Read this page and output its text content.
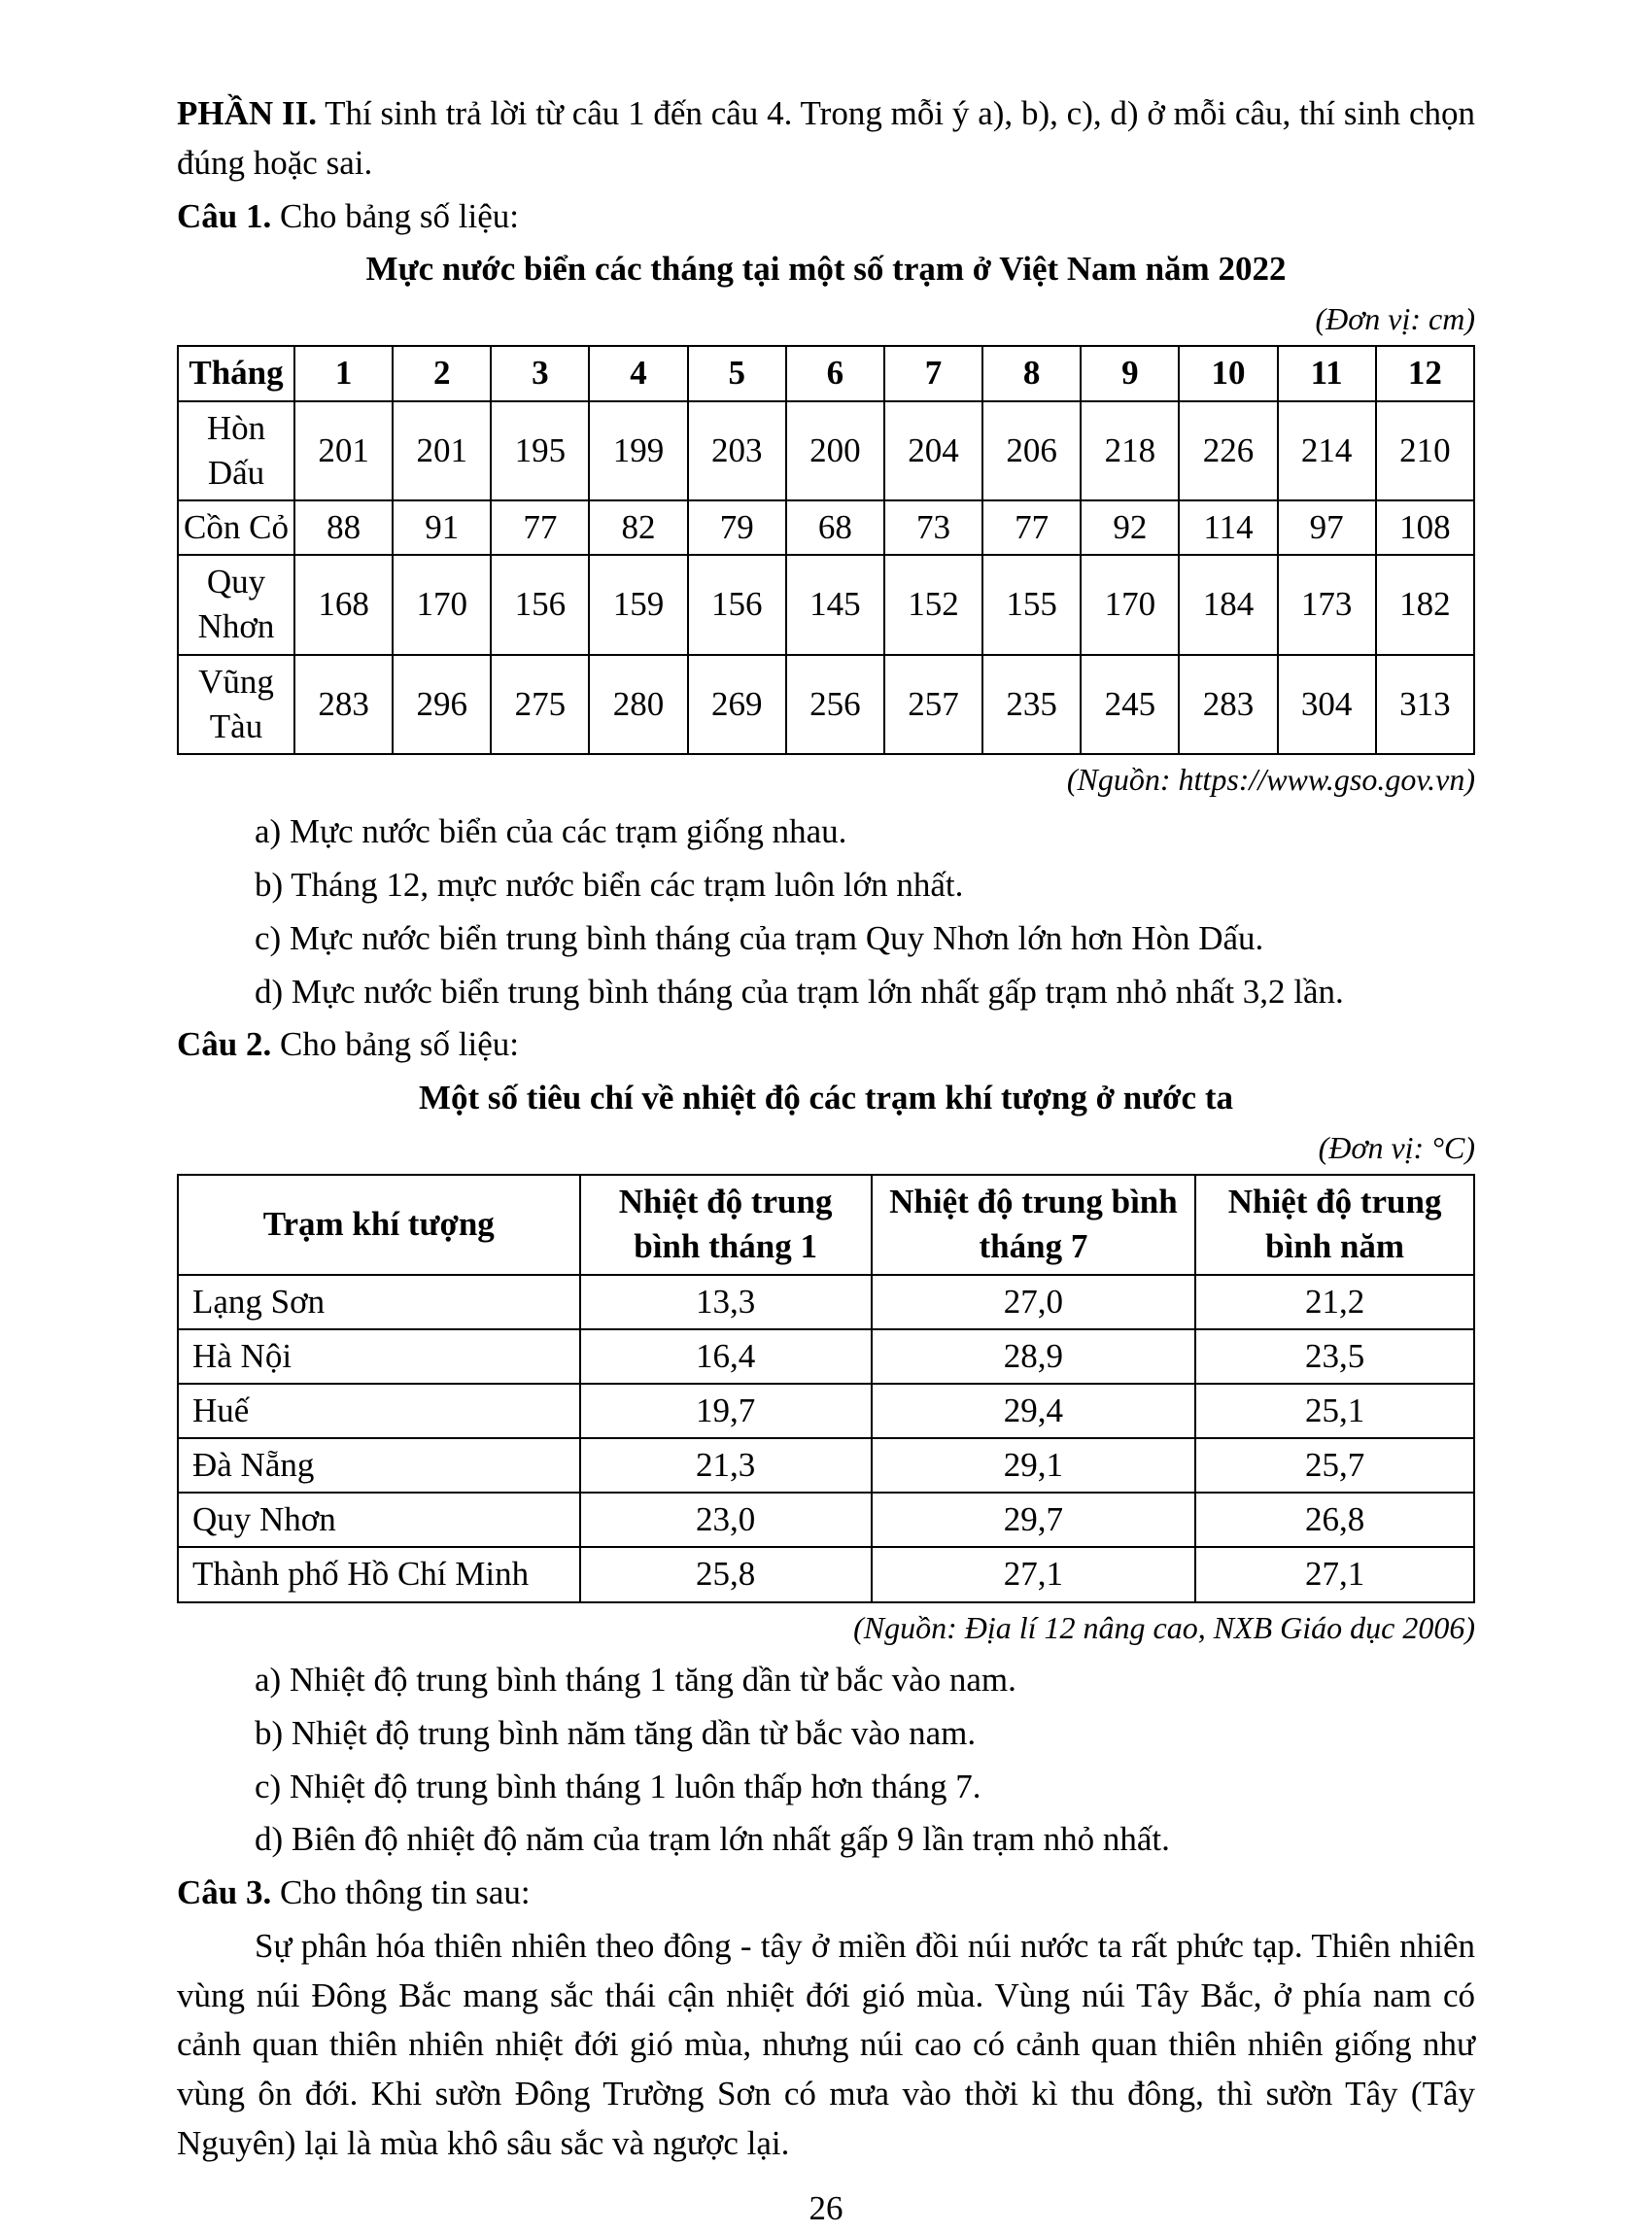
PHẦN II. Thí sinh trả lời từ câu 1 đến câu 4. Trong mỗi ý a), b), c), d) ở mỗi câu, thí sinh chọn đúng hoặc sai.

Câu 1. Cho bảng số liệu:

Mực nước biển các tháng tại một số trạm ở Việt Nam năm 2022

(Đơn vị: cm)

Tháng	1	2	3	4	5	6	7	8	9	10	11	12
Hòn Dấu	201	201	195	199	203	200	204	206	218	226	214	210
Cồn Cỏ	88	91	77	82	79	68	73	77	92	114	97	108
Quy Nhơn	168	170	156	159	156	145	152	155	170	184	173	182
Vũng Tàu	283	296	275	280	269	256	257	235	245	283	304	313

(Nguồn: https://www.gso.gov.vn)

a) Mực nước biển của các trạm giống nhau.

b) Tháng 12, mực nước biển các trạm luôn lớn nhất.

c) Mực nước biển trung bình tháng của trạm Quy Nhơn lớn hơn Hòn Dấu.

d) Mực nước biển trung bình tháng của trạm lớn nhất gấp trạm nhỏ nhất 3,2 lần.

Câu 2. Cho bảng số liệu:

Một số tiêu chí về nhiệt độ các trạm khí tượng ở nước ta

(Đơn vị: °C)

Trạm khí tượng	Nhiệt độ trung bình tháng 1	Nhiệt độ trung bình tháng 7	Nhiệt độ trung bình năm
Lạng Sơn	13,3	27,0	21,2
Hà Nội	16,4	28,9	23,5
Huế	19,7	29,4	25,1
Đà Nẵng	21,3	29,1	25,7
Quy Nhơn	23,0	29,7	26,8
Thành phố Hồ Chí Minh	25,8	27,1	27,1

(Nguồn: Địa lí 12 nâng cao, NXB Giáo dục 2006)

a) Nhiệt độ trung bình tháng 1 tăng dần từ bắc vào nam.

b) Nhiệt độ trung bình năm tăng dần từ bắc vào nam.

c) Nhiệt độ trung bình tháng 1 luôn thấp hơn tháng 7.

d) Biên độ nhiệt độ năm của trạm lớn nhất gấp 9 lần trạm nhỏ nhất.

Câu 3. Cho thông tin sau:

Sự phân hóa thiên nhiên theo đông - tây ở miền đồi núi nước ta rất phức tạp. Thiên nhiên vùng núi Đông Bắc mang sắc thái cận nhiệt đới gió mùa. Vùng núi Tây Bắc, ở phía nam có cảnh quan thiên nhiên nhiệt đới gió mùa, nhưng núi cao có cảnh quan thiên nhiên giống như vùng ôn đới. Khi sườn Đông Trường Sơn có mưa vào thời kì thu đông, thì sườn Tây (Tây Nguyên) lại là mùa khô sâu sắc và ngược lại.

26
